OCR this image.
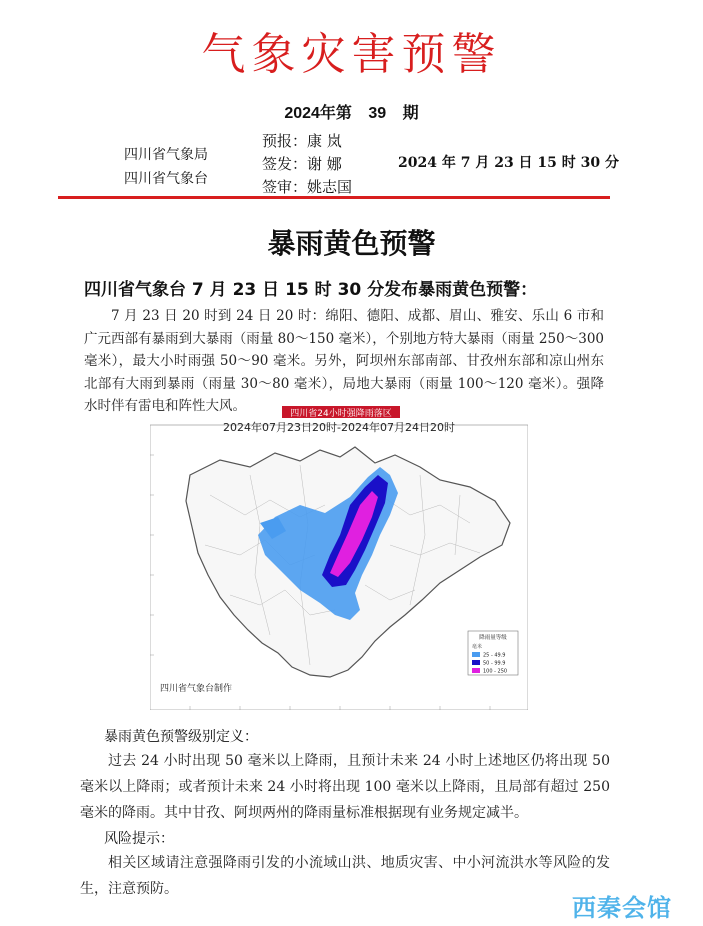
气象灾害预警
2024年第 39 期
四川省气象局
四川省气象台
预报：康 岚
签发：谢 娜
签审：姚志国
2024 年 7 月 23 日 15 时 30 分
暴雨黄色预警
四川省气象台 7 月 23 日 15 时 30 分发布暴雨黄色预警：
7 月 23 日 20 时到 24 日 20 时：绵阳、德阳、成都、眉山、雅安、乐山 6 市和广元西部有暴雨到大暴雨（雨量 80～150 毫米），个别地方特大暴雨（雨量 250～300 毫米），最大小时雨强 50～90 毫米。另外，阿坝州东部南部、甘孜州东部和凉山州东北部有大雨到暴雨（雨量 30～80 毫米），局地大暴雨（雨量 100～120 毫米）。强降水时伴有雷电和阵性大风。	四川省24小时强降雨落区
2024年07月23日20时-2024年07月24日20时
降雨量等级
毫米
25 - 49.9
50 - 99.9
100 - 250
四川省气象台制作
暴雨黄色预警级别定义：
过去 24 小时出现 50 毫米以上降雨，且预计未来 24 小时上述地区仍将出现 50 毫米以上降雨；或者预计未来 24 小时将出现 100 毫米以上降雨，且局部有超过 250 毫米的降雨。其中甘孜、阿坝两州的降雨量标准根据现有业务规定减半。
风险提示：
相关区域请注意强降雨引发的小流域山洪、地质灾害、中小河流洪水等风险的发生，注意预防。
西秦会馆
